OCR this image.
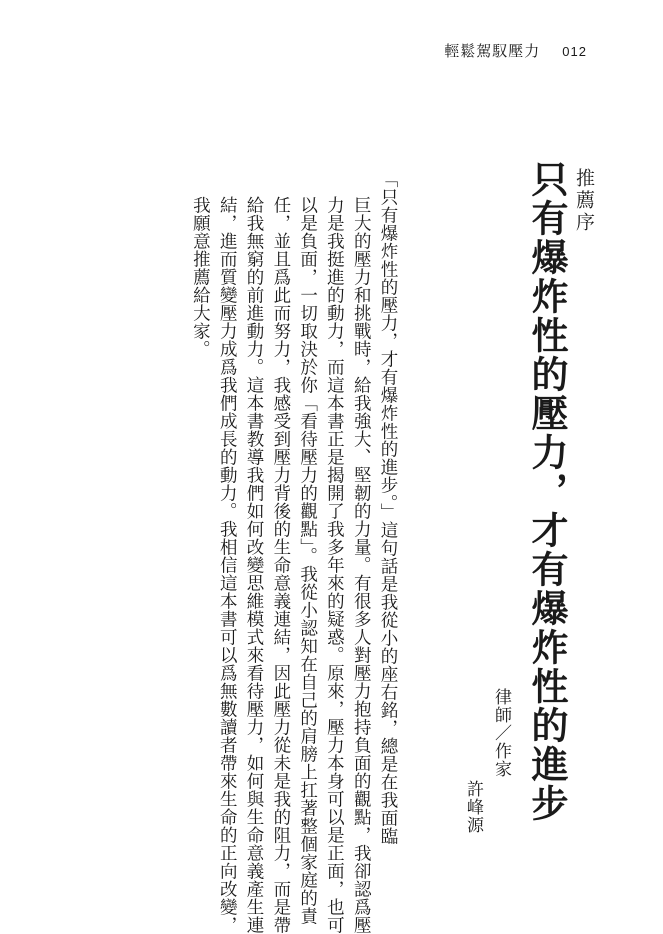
輕鬆駕馭壓力 012
推薦序
只有爆炸性的壓力，才有爆炸性的進步
「只有爆炸性的壓力，才有爆炸性的進步。」這句話是我從小的座右銘，總是在我面臨
巨大的壓力和挑戰時，給我強大、堅韌的力量。有很多人對壓力抱持負面的觀點，我卻認爲壓
力是我挺進的動力，而這本書正是揭開了我多年來的疑惑。原來，壓力本身可以是正面，也可
以是負面，一切取決於你「看待壓力的觀點」。我從小認知在自己的肩膀上扛著整個家庭的責
任，並且爲此而努力，我感受到壓力背後的生命意義連結，因此壓力從未是我的阻力，而是帶
給我無窮的前進動力。這本書教導我們如何改變思維模式來看待壓力，如何與生命意義產生連
結，進而質變壓力成爲我們成長的動力。我相信這本書可以爲無數讀者帶來生命的正向改變，
我願意推薦給大家。
律師／作家
許峰源
